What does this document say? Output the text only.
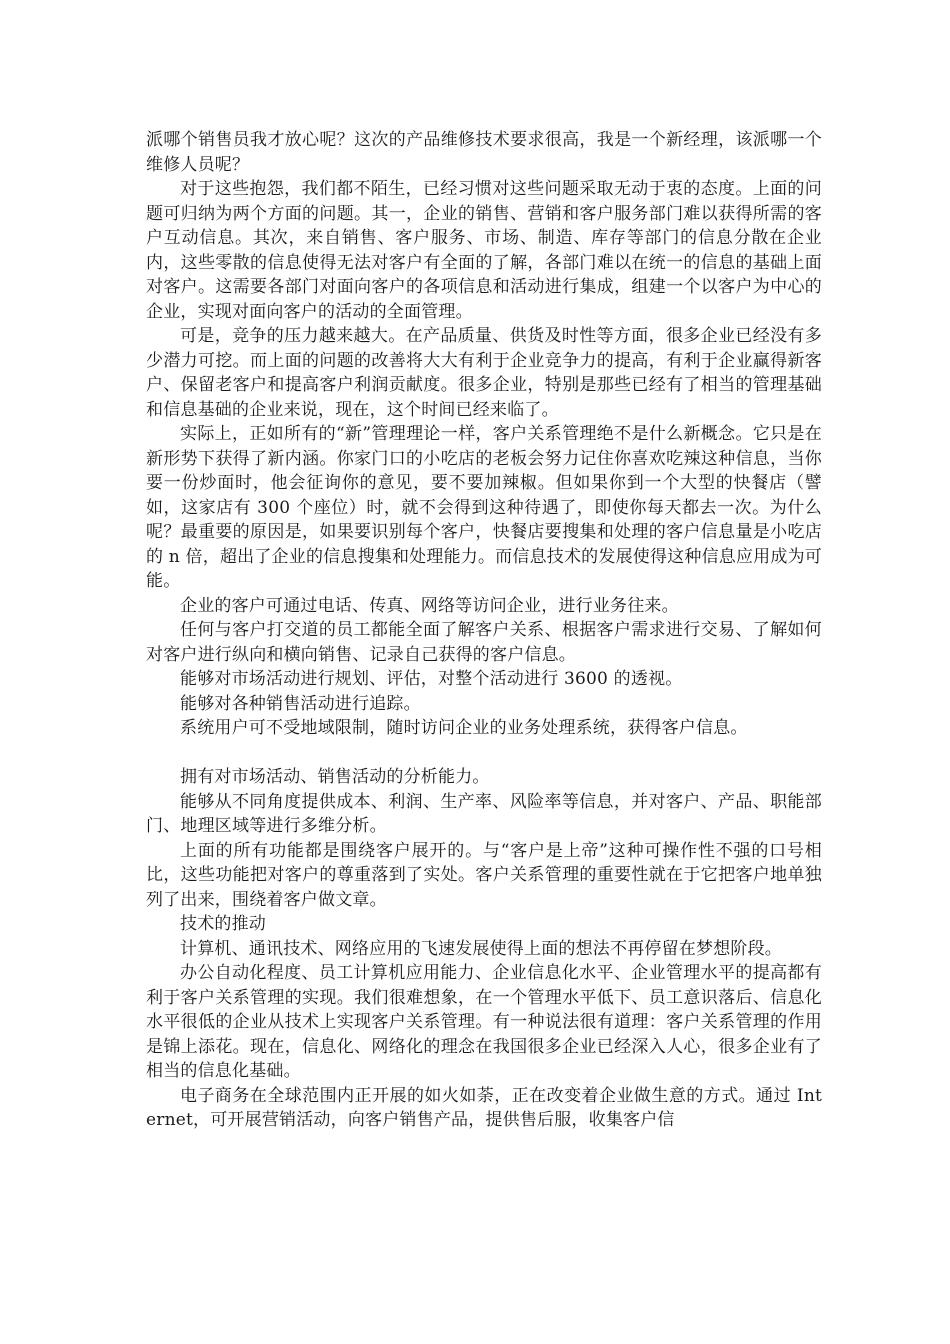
派哪个销售员我才放心呢？这次的产品维修技术要求很高，我是一个新经理，该派哪一个维修人员呢？

对于这些抱怨，我们都不陌生，已经习惯对这些问题采取无动于衷的态度。上面的问题可归纳为两个方面的问题。其一，企业的销售、营销和客户服务部门难以获得所需的客户互动信息。其次，来自销售、客户服务、市场、制造、库存等部门的信息分散在企业内，这些零散的信息使得无法对客户有全面的了解，各部门难以在统一的信息的基础上面对客户。这需要各部门对面向客户的各项信息和活动进行集成，组建一个以客户为中心的企业，实现对面向客户的活动的全面管理。

可是，竞争的压力越来越大。在产品质量、供货及时性等方面，很多企业已经没有多少潜力可挖。而上面的问题的改善将大大有利于企业竞争力的提高，有利于企业赢得新客户、保留老客户和提高客户利润贡献度。很多企业，特别是那些已经有了相当的管理基础和信息基础的企业来说，现在，这个时间已经来临了。

实际上，正如所有的“新”管理理论一样，客户关系管理绝不是什么新概念。它只是在新形势下获得了新内涵。你家门口的小吃店的老板会努力记住你喜欢吃辣这种信息，当你要一份炒面时，他会征询你的意见，要不要加辣椒。但如果你到一个大型的快餐店（譬如，这家店有 300 个座位）时，就不会得到这种待遇了，即使你每天都去一次。为什么呢？最重要的原因是，如果要识别每个客户，快餐店要搜集和处理的客户信息量是小吃店的 n 倍，超出了企业的信息搜集和处理能力。而信息技术的发展使得这种信息应用成为可能。

企业的客户可通过电话、传真、网络等访问企业，进行业务往来。

任何与客户打交道的员工都能全面了解客户关系、根据客户需求进行交易、了解如何对客户进行纵向和横向销售、记录自己获得的客户信息。

能够对市场活动进行规划、评估，对整个活动进行 3600 的透视。

能够对各种销售活动进行追踪。

系统用户可不受地域限制，随时访问企业的业务处理系统，获得客户信息。

拥有对市场活动、销售活动的分析能力。

能够从不同角度提供成本、利润、生产率、风险率等信息，并对客户、产品、职能部门、地理区域等进行多维分析。

上面的所有功能都是围绕客户展开的。与“客户是上帝”这种可操作性不强的口号相比，这些功能把对客户的尊重落到了实处。客户关系管理的重要性就在于它把客户地单独列了出来，围绕着客户做文章。

技术的推动

计算机、通讯技术、网络应用的飞速发展使得上面的想法不再停留在梦想阶段。

办公自动化程度、员工计算机应用能力、企业信息化水平、企业管理水平的提高都有利于客户关系管理的实现。我们很难想象，在一个管理水平低下、员工意识落后、信息化水平很低的企业从技术上实现客户关系管理。有一种说法很有道理：客户关系管理的作用是锦上添花。现在，信息化、网络化的理念在我国很多企业已经深入人心，很多企业有了相当的信息化基础。

电子商务在全球范围内正开展的如火如荼，正在改变着企业做生意的方式。通过 Internet，可开展营销活动，向客户销售产品，提供售后服，收集客户信
